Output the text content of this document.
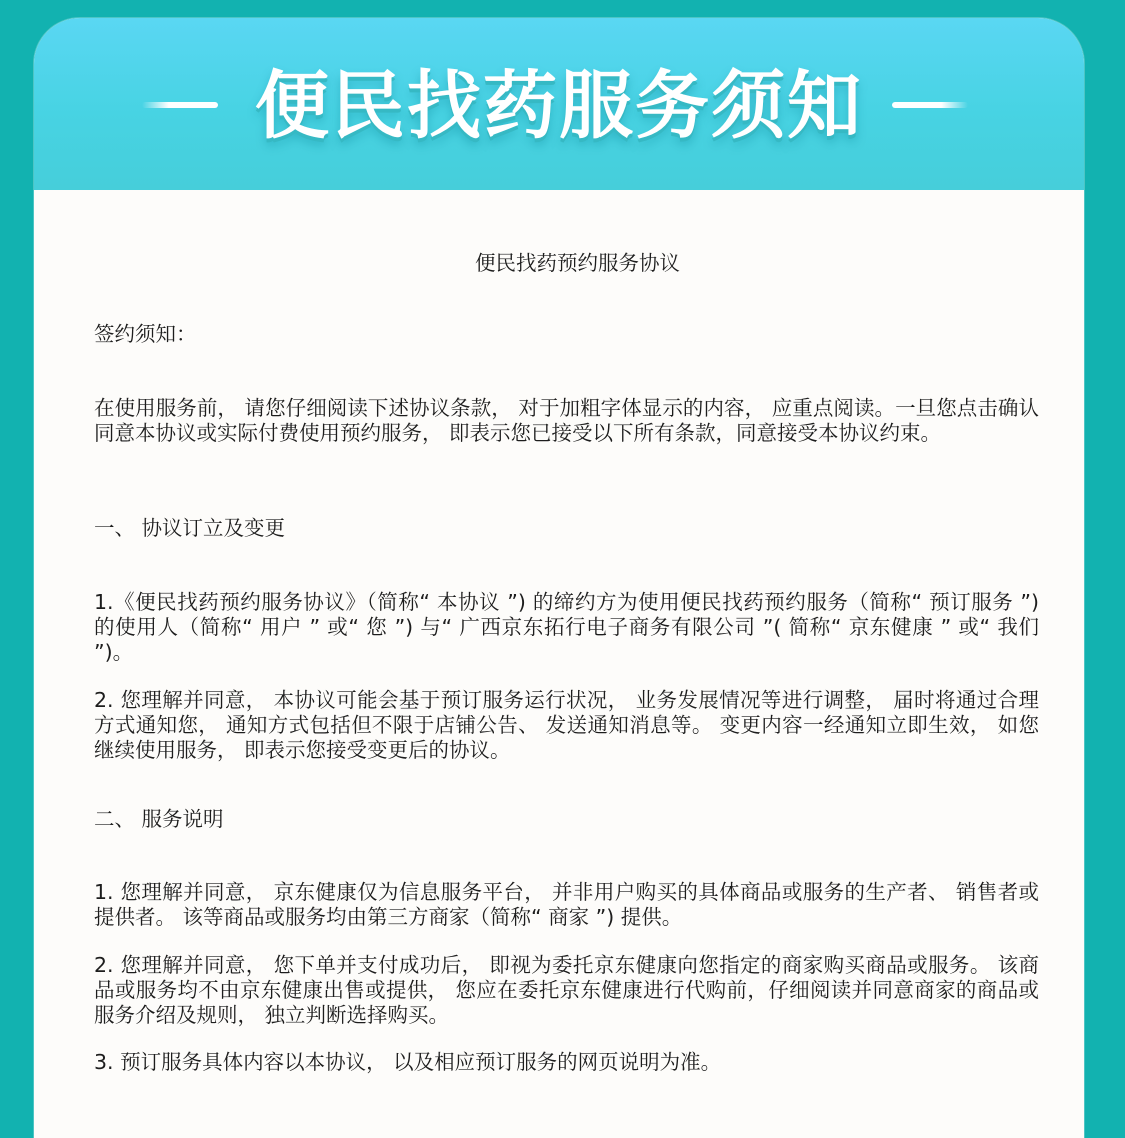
便民找药服务须知
便民找药预约服务协议

签约须知：

在使用服务前， 请您仔细阅读下述协议条款， 对于加粗字体显示的内容， 应重点阅读。一旦您点击确认同意本协议或实际付费使用预约服务， 即表示您已接受以下所有条款，同意接受本协议约束。

一、 协议订立及变更

1.《便民找药预约服务协议》（简称“ 本协议 ”) 的缔约方为使用便民找药预约服务（简称“ 预订服务 ”) 的使用人（简称“ 用户 ” 或“ 您 ”) 与“ 广西京东拓行电子商务有限公司 ”( 简称“ 京东健康 ” 或“ 我们 ”)。

2. 您理解并同意， 本协议可能会基于预订服务运行状况， 业务发展情况等进行调整， 届时将通过合理方式通知您， 通知方式包括但不限于店铺公告、 发送通知消息等。 变更内容一经通知立即生效， 如您继续使用服务， 即表示您接受变更后的协议。

二、 服务说明

1. 您理解并同意， 京东健康仅为信息服务平台， 并非用户购买的具体商品或服务的生产者、 销售者或提供者。 该等商品或服务均由第三方商家（简称“ 商家 ”) 提供。

2. 您理解并同意， 您下单并支付成功后， 即视为委托京东健康向您指定的商家购买商品或服务。 该商品或服务均不由京东健康出售或提供， 您应在委托京东健康进行代购前，仔细阅读并同意商家的商品或服务介绍及规则， 独立判断选择购买。

3. 预订服务具体内容以本协议， 以及相应预订服务的网页说明为准。
